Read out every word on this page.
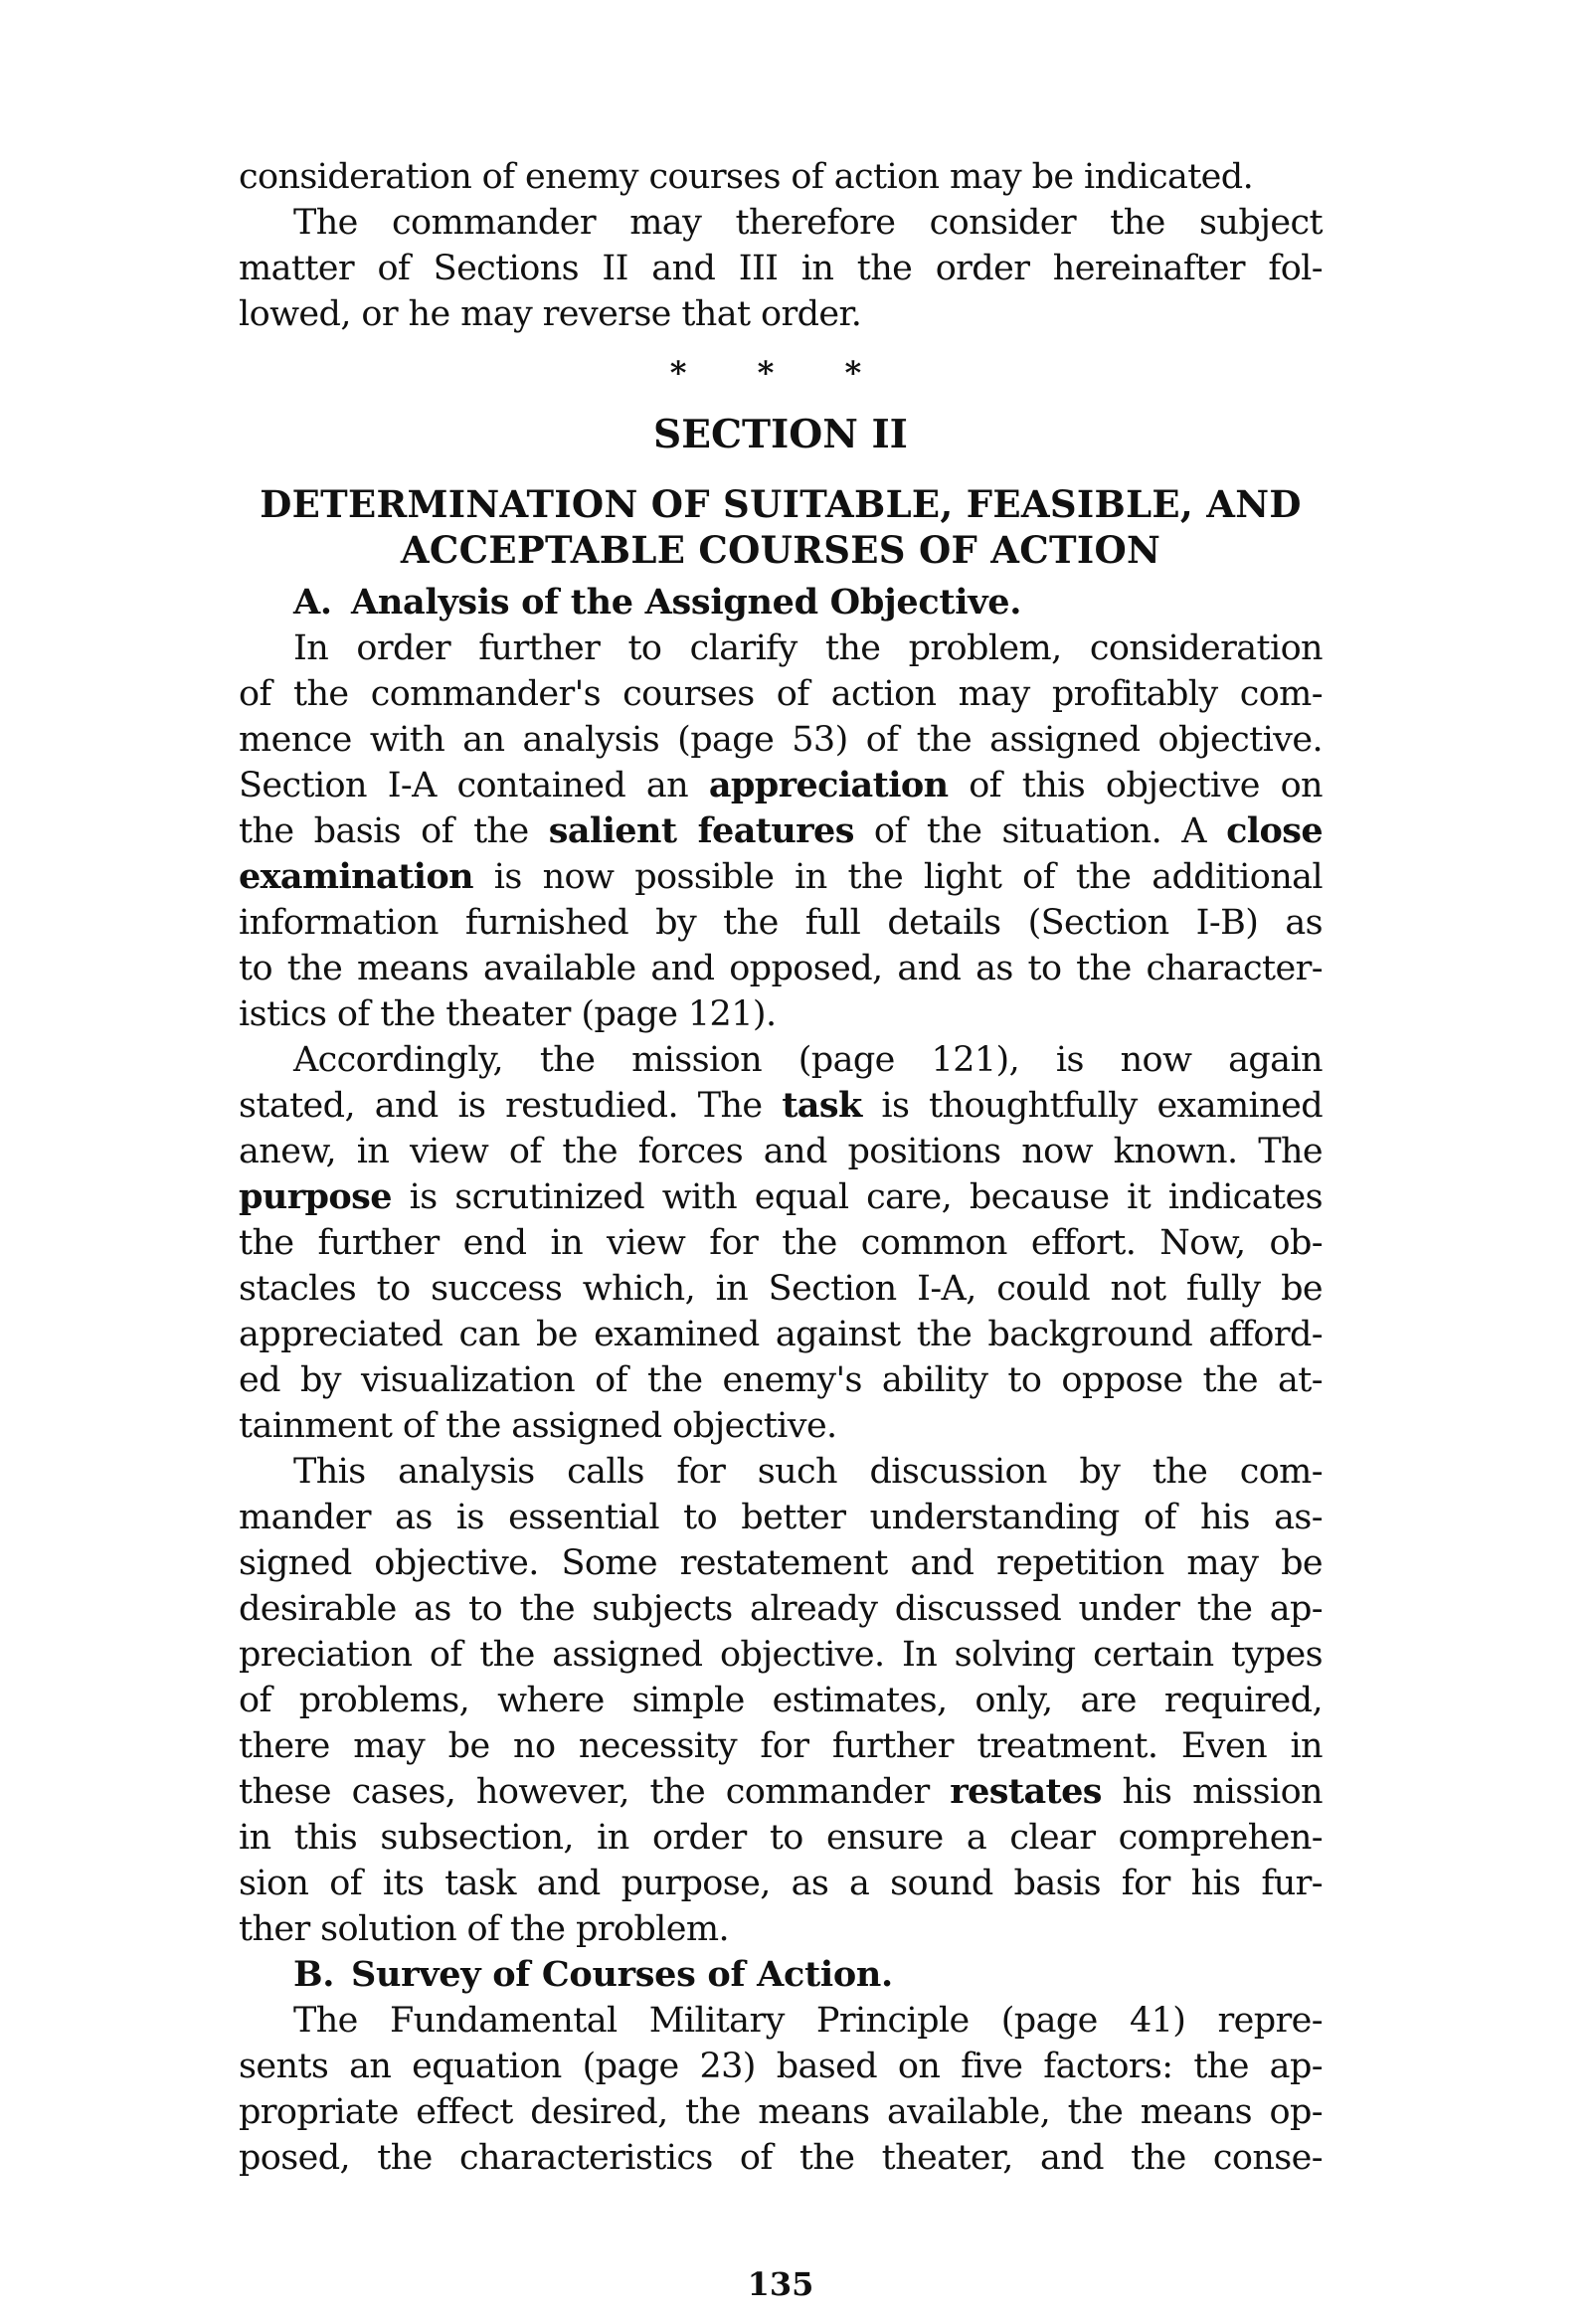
consideration of enemy courses of action may be indicated.
The commander may therefore consider the subject
matter of Sections II and III in the order hereinafter fol-
lowed, or he may reverse that order.
* * *
SECTION II
DETERMINATION OF SUITABLE, FEASIBLE, AND
ACCEPTABLE COURSES OF ACTION
A. Analysis of the Assigned Objective.
In order further to clarify the problem, consideration
of the commander's courses of action may profitably com-
mence with an analysis (page 53) of the assigned objective.
Section I-A contained an appreciation of this objective on
the basis of the salient features of the situation. A close
examination is now possible in the light of the additional
information furnished by the full details (Section I-B) as
to the means available and opposed, and as to the character-
istics of the theater (page 121).
Accordingly, the mission (page 121), is now again
stated, and is restudied. The task is thoughtfully examined
anew, in view of the forces and positions now known. The
purpose is scrutinized with equal care, because it indicates
the further end in view for the common effort. Now, ob-
stacles to success which, in Section I-A, could not fully be
appreciated can be examined against the background afford-
ed by visualization of the enemy's ability to oppose the at-
tainment of the assigned objective.
This analysis calls for such discussion by the com-
mander as is essential to better understanding of his as-
signed objective. Some restatement and repetition may be
desirable as to the subjects already discussed under the ap-
preciation of the assigned objective. In solving certain types
of problems, where simple estimates, only, are required,
there may be no necessity for further treatment. Even in
these cases, however, the commander restates his mission
in this subsection, in order to ensure a clear comprehen-
sion of its task and purpose, as a sound basis for his fur-
ther solution of the problem.
B. Survey of Courses of Action.
The Fundamental Military Principle (page 41) repre-
sents an equation (page 23) based on five factors: the ap-
propriate effect desired, the means available, the means op-
posed, the characteristics of the theater, and the conse-
135
